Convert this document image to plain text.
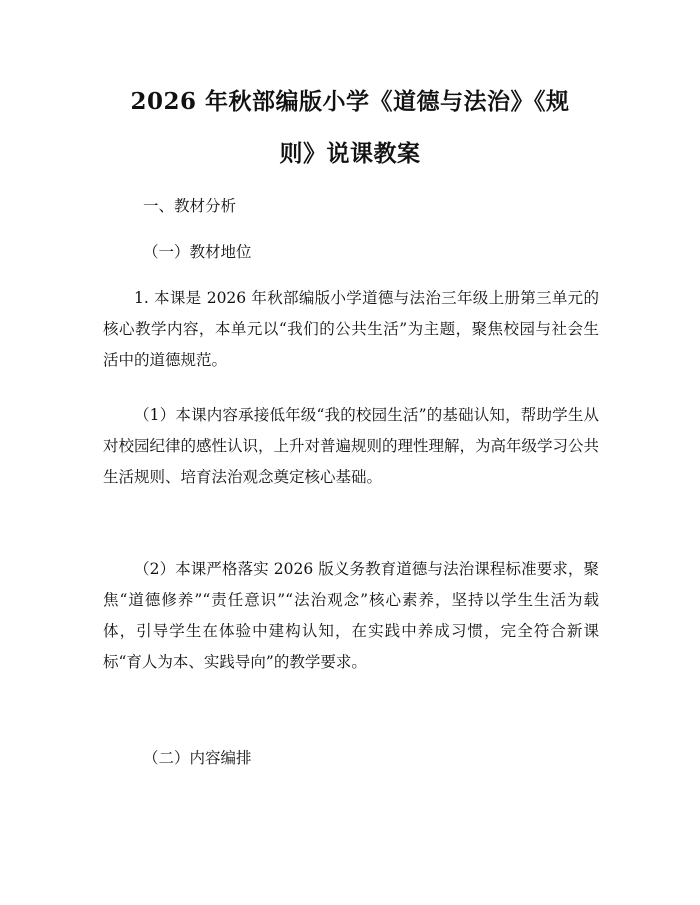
2026 年秋部编版小学《道德与法治》《规
则》说课教案
一、教材分析
（一）教材地位

1. 本课是 2026 年秋部编版小学道德与法治三年级上册第三单元的核心教学内容，本单元以“我们的公共生活”为主题，聚焦校园与社会生活中的道德规范。

（1）本课内容承接低年级“我的校园生活”的基础认知，帮助学生从对校园纪律的感性认识，上升对普遍规则的理性理解，为高年级学习公共生活规则、培育法治观念奠定核心基础。

（2）本课严格落实 2026 版义务教育道德与法治课程标准要求，聚焦“道德修养”“责任意识”“法治观念”核心素养，坚持以学生生活为载体，引导学生在体验中建构认知，在实践中养成习惯，完全符合新课标“育人为本、实践导向”的教学要求。

（二）内容编排
